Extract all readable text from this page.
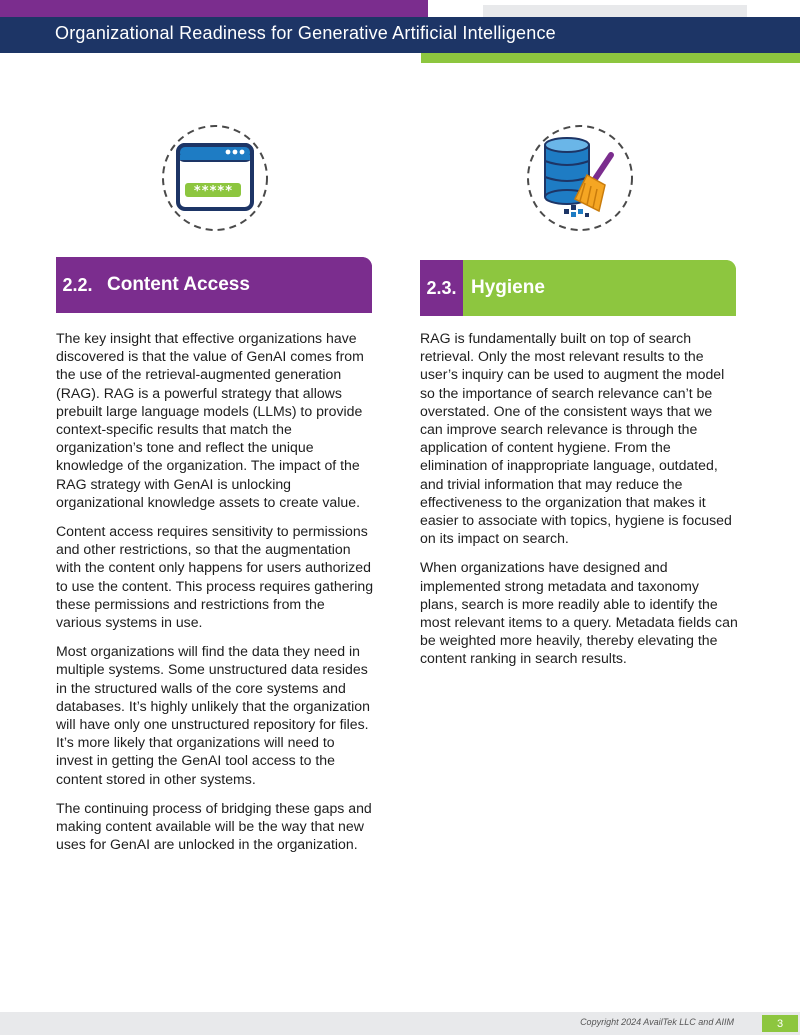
Organizational Readiness for Generative Artificial Intelligence
*****
2.2. Content Access	2.3. Hygiene

The key insight that effective organizations have discovered is that the value of GenAI comes from the use of the retrieval-augmented generation (RAG). RAG is a powerful strategy that allows prebuilt large language models (LLMs) to provide context-specific results that match the organization’s tone and reflect the unique knowledge of the organization. The impact of the RAG strategy with GenAI is unlocking organizational knowledge assets to create value.

Content access requires sensitivity to permissions and other restrictions, so that the augmentation with the content only happens for users authorized to use the content. This process requires gathering these permissions and restrictions from the various systems in use.

Most organizations will find the data they need in multiple systems. Some unstructured data resides in the structured walls of the core systems and databases. It’s highly unlikely that the organization will have only one unstructured repository for files. It’s more likely that organizations will need to invest in getting the GenAI tool access to the content stored in other systems.

The continuing process of bridging these gaps and making content available will be the way that new uses for GenAI are unlocked in the organization.

RAG is fundamentally built on top of search retrieval. Only the most relevant results to the user’s inquiry can be used to augment the model so the importance of search relevance can’t be overstated. One of the consistent ways that we can improve search relevance is through the application of content hygiene. From the elimination of inappropriate language, outdated, and trivial information that may reduce the effectiveness to the organization that makes it easier to associate with topics, hygiene is focused on its impact on search.

When organizations have designed and implemented strong metadata and taxonomy plans, search is more readily able to identify the most relevant items to a query. Metadata fields can be weighted more heavily, thereby elevating the content ranking in search results.

Copyright 2024 AvailTek LLC and AIIM	3
